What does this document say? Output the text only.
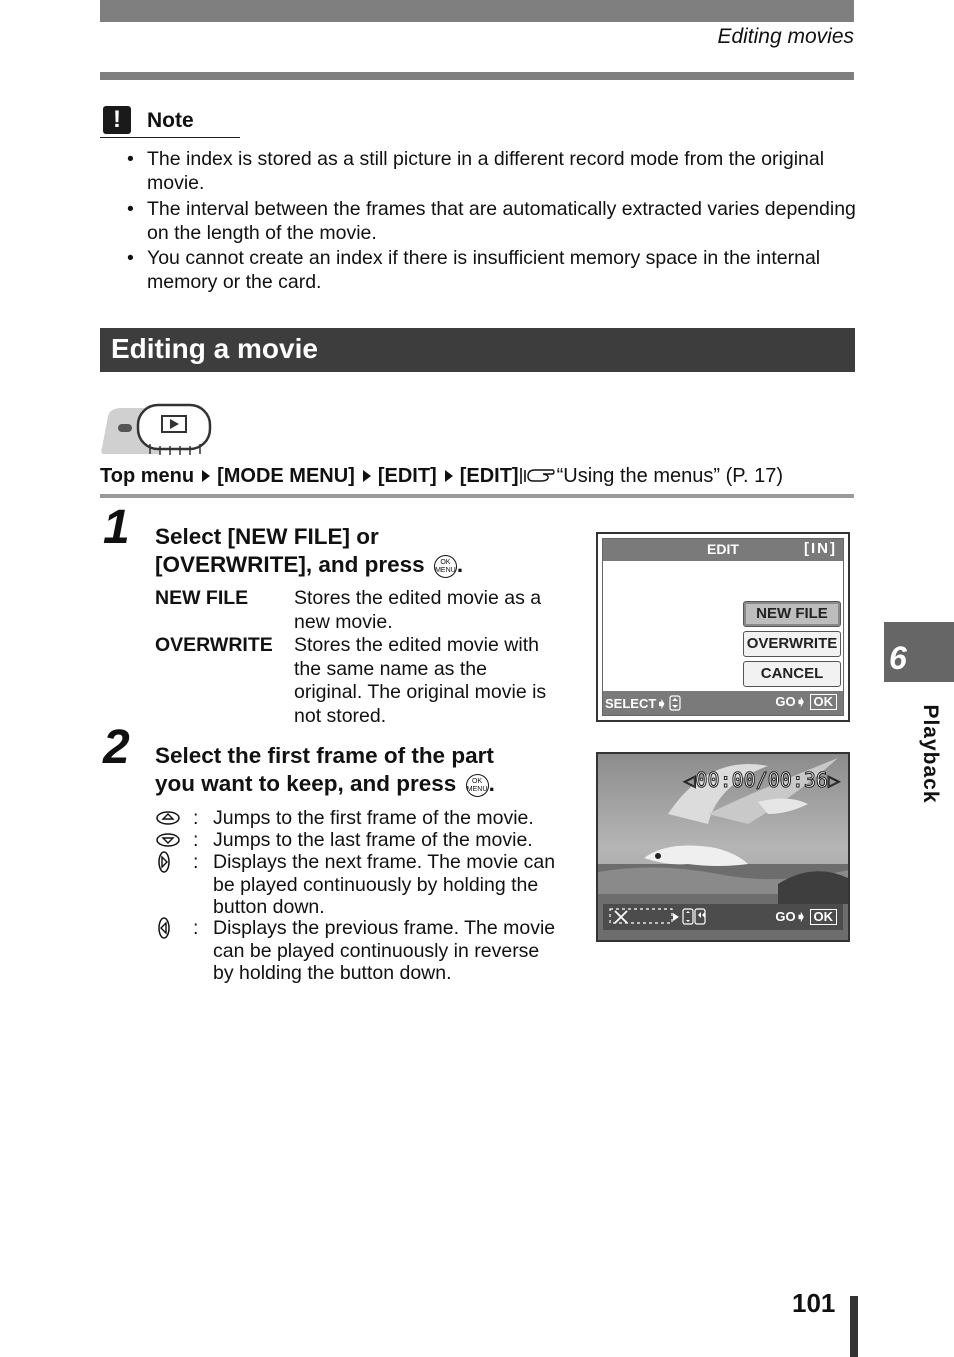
Editing movies
!	Note
• The index is stored as a still picture in a different record mode from the original movie.
• The interval between the frames that are automatically extracted varies depending on the length of the movie.
• You cannot create an index if there is insufficient memory space in the internal memory or the card.
Editing a movie
Top menu [MODE MENU] [EDIT] [EDIT] “Using the menus” (P. 17)
1 Select [NEW FILE] or
[OVERWRITE], and press OK
MENU.
NEW FILE Stores the edited movie as a new movie.
OVERWRITE Stores the edited movie with the same name as the original. The original movie is not stored.
2 Select the first frame of the part
you want to keep, and press OK
MENU.
: Jumps to the first frame of the movie.
: Jumps to the last frame of the movie.
: Displays the next frame. The movie can be played continuously by holding the button down.
: Displays the previous frame. The movie can be played continuously in reverse by holding the button down.
EDIT	[IN]
NEW FILE
OVERWRITE
CANCEL
SELECT➧	GO➧ OK
◁00:00/00:36▷
GO➧ OK
6
Playback
101
